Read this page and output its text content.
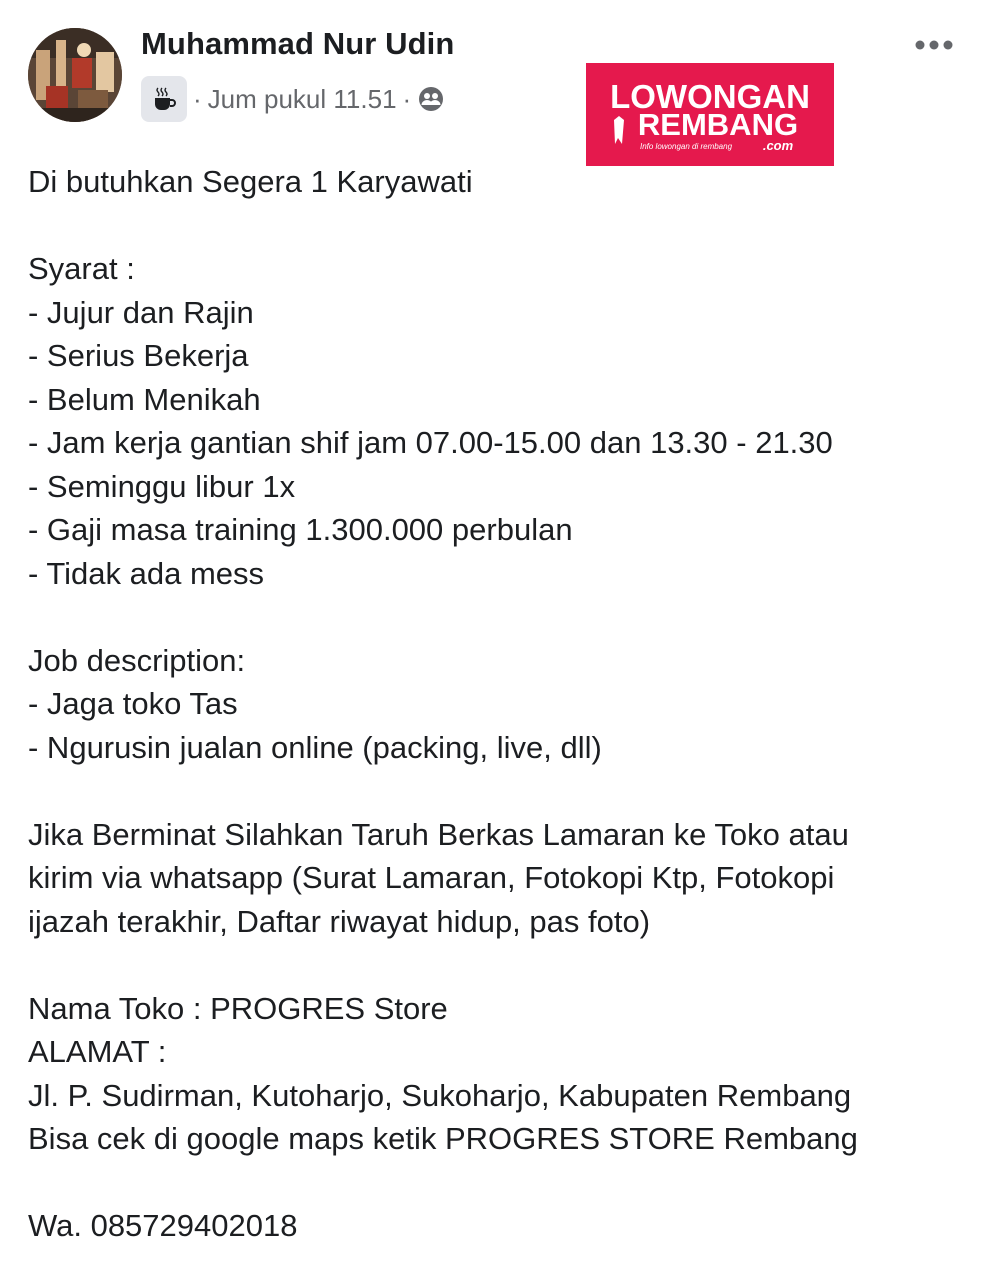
Muhammad Nur Udin
· Jum pukul 11.51 ·	LOWONGAN
REMBANG
Info lowongan di rembang .com
Di butuhkan Segera 1 Karyawati
Syarat :
- Jujur dan Rajin
- Serius Bekerja
- Belum Menikah
- Jam kerja gantian shif jam 07.00-15.00 dan 13.30 - 21.30
- Seminggu libur 1x
- Gaji masa training 1.300.000 perbulan
- Tidak ada mess
Job description:
- Jaga toko Tas
- Ngurusin jualan online (packing, live, dll)
Jika Berminat Silahkan Taruh Berkas Lamaran ke Toko atau
kirim via whatsapp (Surat Lamaran, Fotokopi Ktp, Fotokopi
ijazah terakhir, Daftar riwayat hidup, pas foto)
Nama Toko : PROGRES Store
ALAMAT :
Jl. P. Sudirman, Kutoharjo, Sukoharjo, Kabupaten Rembang
Bisa cek di google maps ketik PROGRES STORE Rembang
Wa. 085729402018
